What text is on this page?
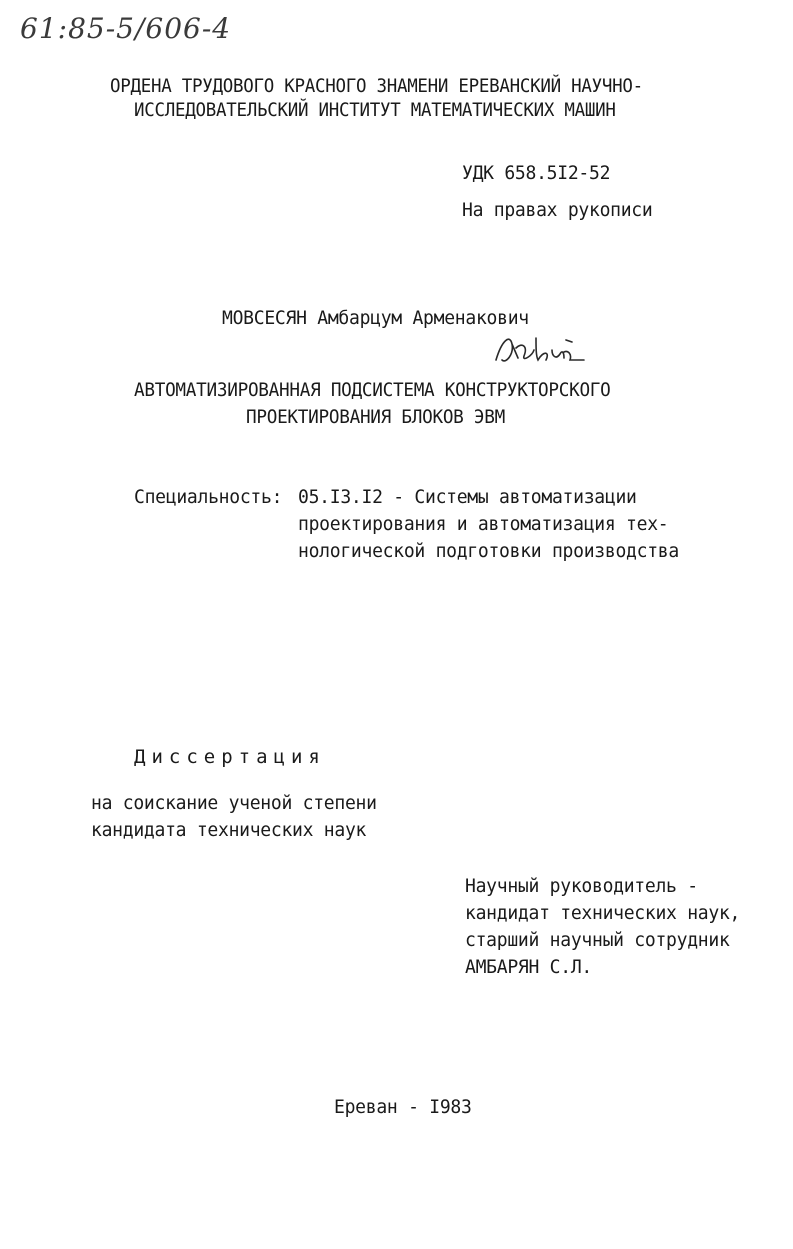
61:85-5/606-4
ОРДЕНА ТРУДОВОГО КРАСНОГО ЗНАМЕНИ ЕРЕВАНСКИЙ НАУЧНО-
ИССЛЕДОВАТЕЛЬСКИЙ ИНСТИТУТ МАТЕМАТИЧЕСКИХ МАШИН
УДК 658.5I2-52
На правах рукописи
МОВСЕСЯН Амбарцум Арменакович
АВТОМАТИЗИРОВАННАЯ ПОДСИСТЕМА КОНСТРУКТОРСКОГО
ПРОЕКТИРОВАНИЯ БЛОКОВ ЭВМ
Специальность: 05.I3.I2 - Системы автоматизации
проектирования и автоматизация тех-
нологической подготовки производства
Диссертация
на соискание ученой степени
кандидата технических наук
Научный руководитель -
кандидат технических наук,
старший научный сотрудник
АМБАРЯН С.Л.
Ереван - I983
